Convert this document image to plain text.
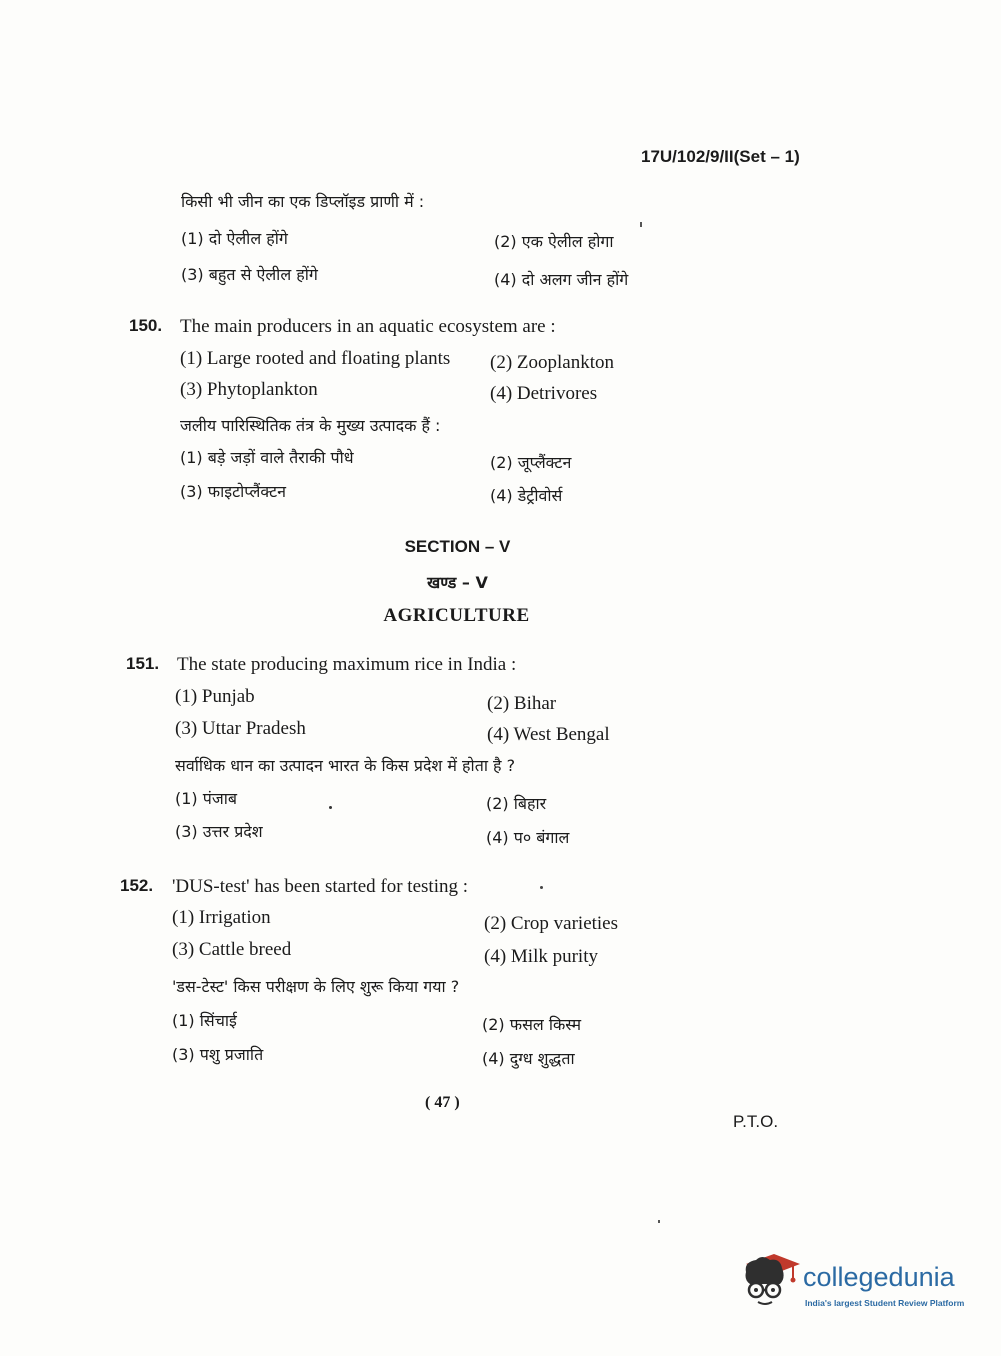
17U/102/9/II(Set – 1)
किसी भी जीन का एक डिप्लॉइड प्राणी में :
(1) दो ऐलील होंगे	(2) एक ऐलील होगा
(3) बहुत से ऐलील होंगे	(4) दो अलग जीन होंगे
150. The main producers in an aquatic ecosystem are :
(1) Large rooted and floating plants (2) Zooplankton
(3) Phytoplankton	(4) Detrivores
जलीय पारिस्थितिक तंत्र के मुख्य उत्पादक हैं :
(1) बड़े जड़ों वाले तैराकी पौधे	(2) जूप्लैंक्टन
(3) फाइटोप्लैंक्टन	(4) डेट्रीवोर्स
SECTION – V
खण्ड – V
AGRICULTURE
151. The state producing maximum rice in India :
(1) Punjab	(2) Bihar
(3) Uttar Pradesh	(4) West Bengal
सर्वाधिक धान का उत्पादन भारत के किस प्रदेश में होता है ?
(1) पंजाब	(2) बिहार
(3) उत्तर प्रदेश	(4) प० बंगाल
152. 'DUS-test' has been started for testing :
(1) Irrigation	(2) Crop varieties
(3) Cattle breed	(4) Milk purity
'डस-टेस्ट' किस परीक्षण के लिए शुरू किया गया ?
(1) सिंचाई	(2) फसल किस्म
(3) पशु प्रजाति	(4) दुग्ध शुद्धता
( 47 )
P.T.O.
collegedunia
India's largest Student Review Platform
